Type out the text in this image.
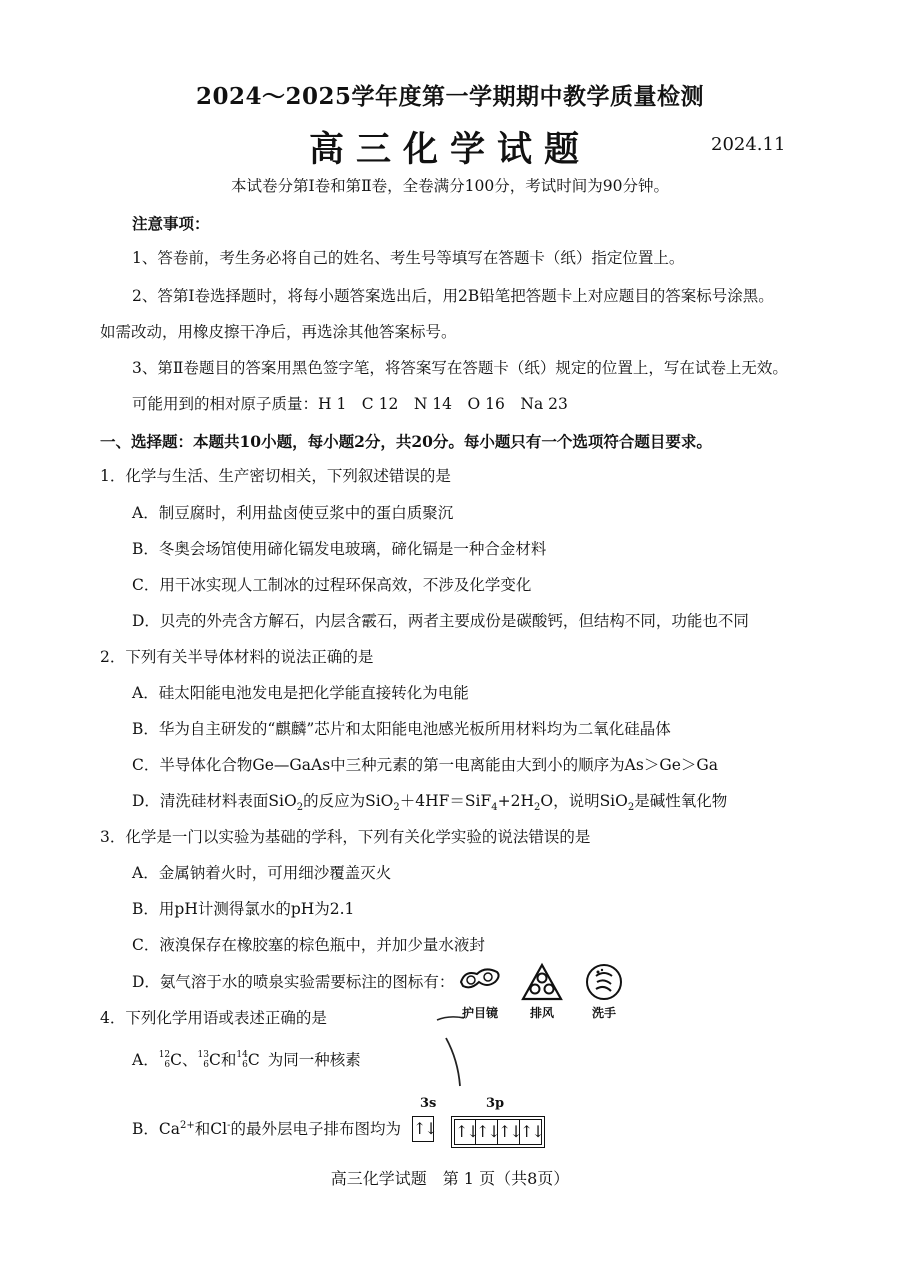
2024～2025学年度第一学期期中教学质量检测
高三化学试题	2024.11
本试卷分第Ⅰ卷和第Ⅱ卷，全卷满分100分，考试时间为90分钟。
注意事项：
1、答卷前，考生务必将自己的姓名、考生号等填写在答题卡（纸）指定位置上。
2、答第Ⅰ卷选择题时，将每小题答案选出后，用2B铅笔把答题卡上对应题目的答案标号涂黑。
如需改动，用橡皮擦干净后，再选涂其他答案标号。
3、第Ⅱ卷题目的答案用黑色签字笔，将答案写在答题卡（纸）规定的位置上，写在试卷上无效。
可能用到的相对原子质量：H 1　C 12　N 14　O 16　Na 23
一、选择题：本题共10小题，每小题2分，共20分。每小题只有一个选项符合题目要求。
1．化学与生活、生产密切相关，下列叙述错误的是
A．制豆腐时，利用盐卤使豆浆中的蛋白质聚沉
B．冬奥会场馆使用碲化镉发电玻璃，碲化镉是一种合金材料
C．用干冰实现人工制冰的过程环保高效，不涉及化学变化
D．贝壳的外壳含方解石，内层含霰石，两者主要成份是碳酸钙，但结构不同，功能也不同
2．下列有关半导体材料的说法正确的是
A．硅太阳能电池发电是把化学能直接转化为电能
B．华为自主研发的“麒麟”芯片和太阳能电池感光板所用材料均为二氧化硅晶体
C．半导体化合物Ge—GaAs中三种元素的第一电离能由大到小的顺序为As＞Ge＞Ga
D．清洗硅材料表面SiO$_2$的反应为$SiO_2+4HF=SiF_4+2H_2O$，说明SiO$_2$是碱性氧化物
3．化学是一门以实验为基础的学科，下列有关化学实验的说法错误的是
A．金属钠着火时，可用细沙覆盖灭火
B．用pH计测得氯水的pH为2.1
C．液溴保存在橡胶塞的棕色瓶中，并加少量水液封
D．氨气溶于水的喷泉实验需要标注的图标有：
护目镜	排风	洗手
4．下列化学用语或表述正确的是
A． 12
6 C 、 13
6 C 和 14
6 C 为同一种核素
B．$Ca^{2+}$和Cl-的最外层电子排布图均为
3s	3p
↑↓ ↑↓
↑↓ ↑↓ ↑↓
高三化学试题　第 1 页（共8页）
